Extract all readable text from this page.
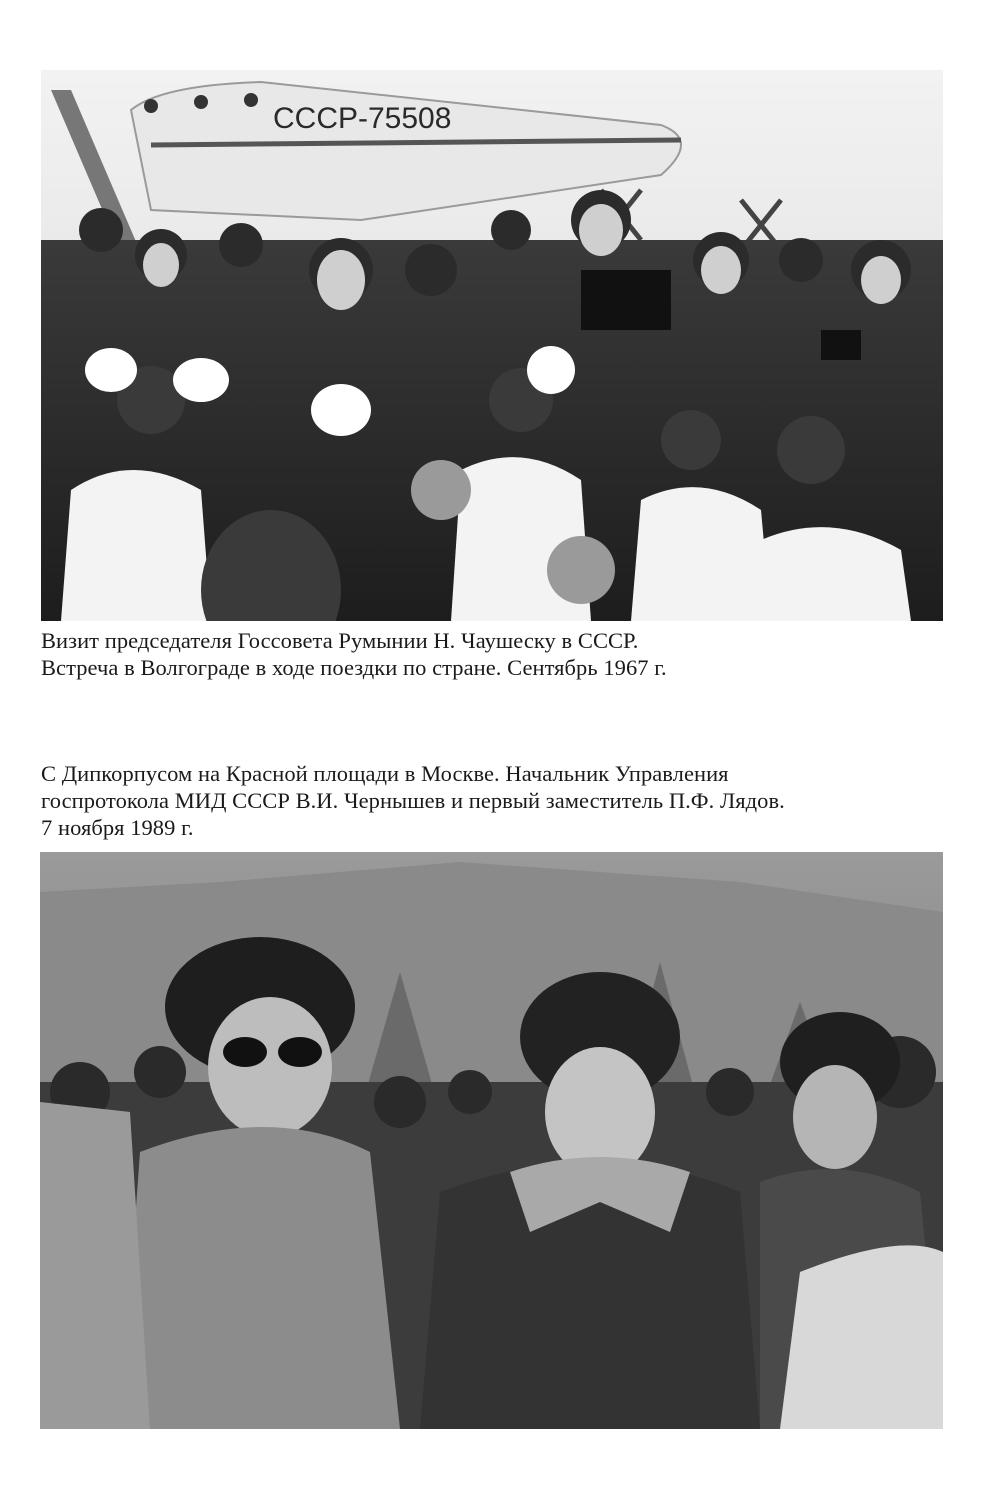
СССР-75508
Визит председателя Госсовета Румынии Н. Чаушеску в СССР.
Встреча в Волгограде в ходе поездки по стране. Сентябрь 1967 г.
С Дипкорпусом на Красной площади в Москве. Начальник Управления
госпротокола МИД СССР В.И. Чернышев и первый заместитель П.Ф. Лядов.
7 ноября 1989 г.
